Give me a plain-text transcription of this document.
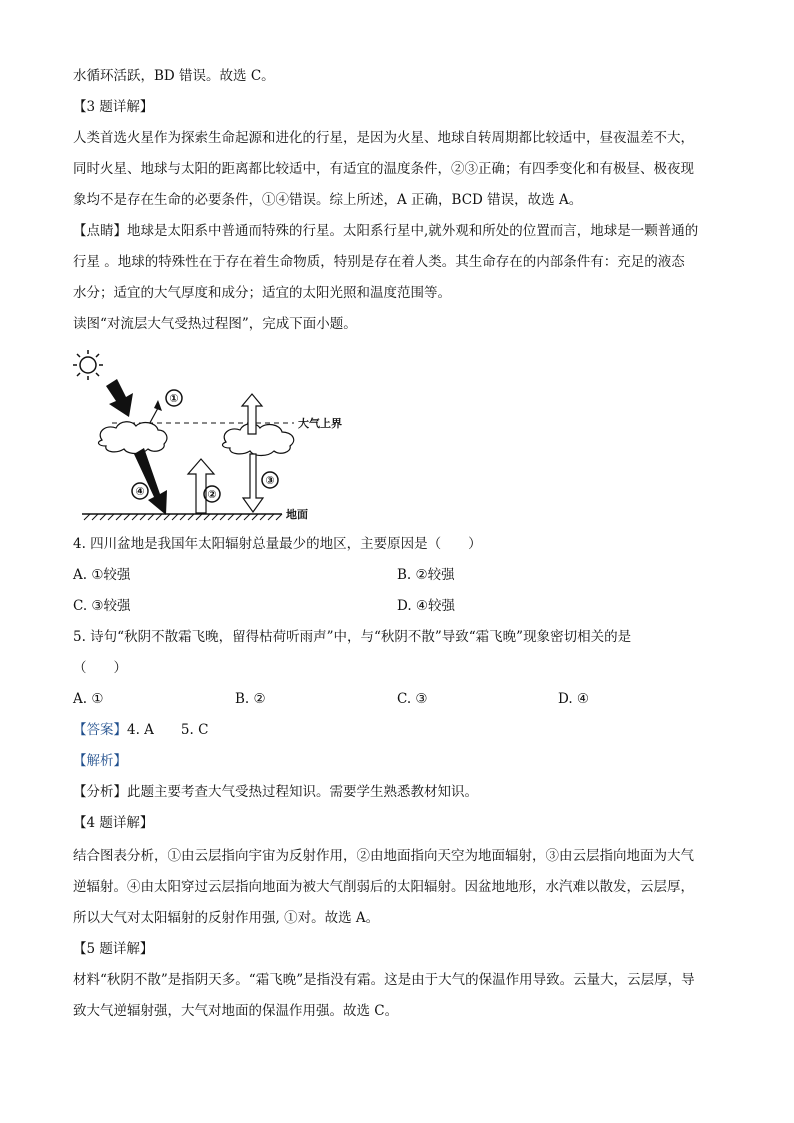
水循环活跃，BD 错误。故选 C。
【3 题详解】
人类首选火星作为探索生命起源和进化的行星，是因为火星、地球自转周期都比较适中，昼夜温差不大，
同时火星、地球与太阳的距离都比较适中，有适宜的温度条件，②③正确；有四季变化和有极昼、极夜现
象均不是存在生命的必要条件，①④错误。综上所述，A 正确，BCD 错误，故选 A。
【点睛】地球是太阳系中普通而特殊的行星。太阳系行星中,就外观和所处的位置而言，地球是一颗普通的
行星 。地球的特殊性在于存在着生命物质，特别是存在着人类。其生命存在的内部条件有：充足的液态
水分；适宜的大气厚度和成分；适宜的太阳光照和温度范围等。
读图“对流层大气受热过程图”，完成下面小题。
①
④	②
③
大气上界
地面
4. 四川盆地是我国年太阳辐射总量最少的地区，主要原因是（　　）
A. ①较强	B. ②较强
C. ③较强	D. ④较强
5. 诗句“秋阴不散霜飞晚，留得枯荷听雨声”中，与“秋阴不散”导致“霜飞晚”现象密切相关的是
（　　）
A. ①	B. ②	C. ③	D. ④
【答案】4. A　　5. C
【解析】
【分析】此题主要考查大气受热过程知识。需要学生熟悉教材知识。
【4 题详解】
结合图表分析，①由云层指向宇宙为反射作用，②由地面指向天空为地面辐射，③由云层指向地面为大气
逆辐射。④由太阳穿过云层指向地面为被大气削弱后的太阳辐射。因盆地地形，水汽难以散发，云层厚，
所以大气对太阳辐射的反射作用强, ①对。故选 A。
【5 题详解】
材料“秋阴不散”是指阴天多。“霜飞晚”是指没有霜。这是由于大气的保温作用导致。云量大，云层厚，导
致大气逆辐射强，大气对地面的保温作用强。故选 C。
